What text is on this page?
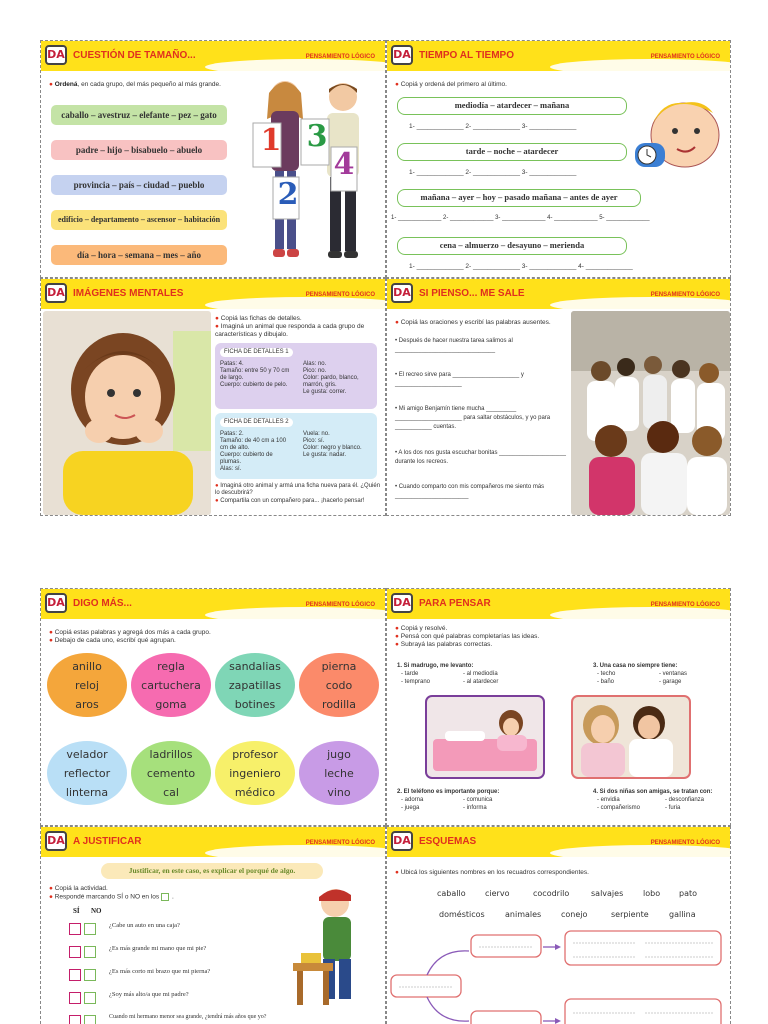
DA CUESTIÓN DE TAMAÑO...	PENSAMIENTO LÓGICO
● Ordená, en cada grupo, del más pequeño al más grande.
caballo – avestruz – elefante – pez – gato
padre – hijo – bisabuelo – abuelo
provincia – país – ciudad – pueblo
edificio – departamento – ascensor – habitación
día – hora – semana – mes – año
1 3
2
4
DA TIEMPO AL TIEMPO	PENSAMIENTO LÓGICO
● Copiá y ordená del primero al último.
mediodía – atardecer – mañana
1- _____________ 2- _____________ 3- _____________
tarde – noche – atardecer
1- _____________ 2- _____________ 3- _____________
mañana – ayer – hoy – pasado mañana – antes de ayer
1- _____________ 2- _____________ 3- _____________ 4- _____________ 5- _____________
cena – almuerzo – desayuno – merienda
1- _____________ 2- _____________ 3- _____________ 4- _____________
DA IMÁGENES MENTALES	PENSAMIENTO LÓGICO
● Copiá las fichas de detalles.
● Imaginá un animal que responda a cada grupo de características y dibujalo.
FICHA DE DETALLES 1
Patas: 4.
Tamaño: entre 50 y 70 cm de largo.
Cuerpo: cubierto de pelo.
Alas: no.
Pico: no.
Color: pardo, blanco, marrón, gris.
Le gusta: correr.
FICHA DE DETALLES 2
Patas: 2.
Tamaño: de 40 cm a 100 cm de alto.
Cuerpo: cubierto de plumas.
Alas: sí.
Vuela: no.
Pico: sí.
Color: negro y blanco.
Le gusta: nadar.
● Imaginá otro animal y armá una ficha nueva para él. ¿Quién lo descubrirá?
● Compartila con un compañero para... ¡hacerlo pensar!
DA SI PIENSO... ME SALE	PENSAMIENTO LÓGICO
● Copiá las oraciones y escribí las palabras ausentes.
• Después de hacer nuestra tarea salimos al ______________________________
• El recreo sirve para ____________________ y ____________________
• Mi amigo Benjamín tiene mucha _________ ____________________ para saltar obstáculos, y yo para ___________ cuentas.
• A los dos nos gusta escuchar bonitas ____________________ durante los recreos.
• Cuando comparto con mis compañeros me siento más ______________________
DA DIGO MÁS...	PENSAMIENTO LÓGICO
● Copiá estas palabras y agregá dos más a cada grupo.
● Debajo de cada uno, escribí qué agrupan.
anillo
reloj
aros
regla
cartuchera
goma
sandalias
zapatillas
botines
pierna
codo
rodilla
velador
reflector
linterna
ladrillos
cemento
cal
profesor
ingeniero
médico
jugo
leche
vino
DA PARA PENSAR	PENSAMIENTO LÓGICO
● Copiá y resolvé.
● Pensá con qué palabras completarías las ideas.
● Subrayá las palabras correctas.
1. Si madrugo, me levanto:
- tarde
- temprano
- al mediodía
- al atardecer
3. Una casa no siempre tiene:
- techo
- baño
- ventanas
- garage
2. El teléfono es importante porque:
- adorna
- juega
- comunica
- informa
4. Si dos niñas son amigas, se tratan con:
- envidia
- compañerismo
- desconfianza
- furia
DA A JUSTIFICAR	PENSAMIENTO LÓGICO
Justificar, en este caso, es explicar el porqué de algo.
● Copiá la actividad.
● Respondé marcando SÍ o NO en los .
SÍ NO
¿Cabe un auto en una caja?
¿Es más grande mi mano que mi pie?
¿Es más corto mi brazo que mi pierna?
¿Soy más alto/a que mi padre?
Cuando mi hermano menor sea grande, ¿tendrá más años que yo?
DA ESQUEMAS	PENSAMIENTO LÓGICO
● Ubicá los siguientes nombres en los recuadros correspondientes.
caballo ciervo	cocodrilo	salvajes lobo pato
domésticos	animales conejo	serpiente	gallina
